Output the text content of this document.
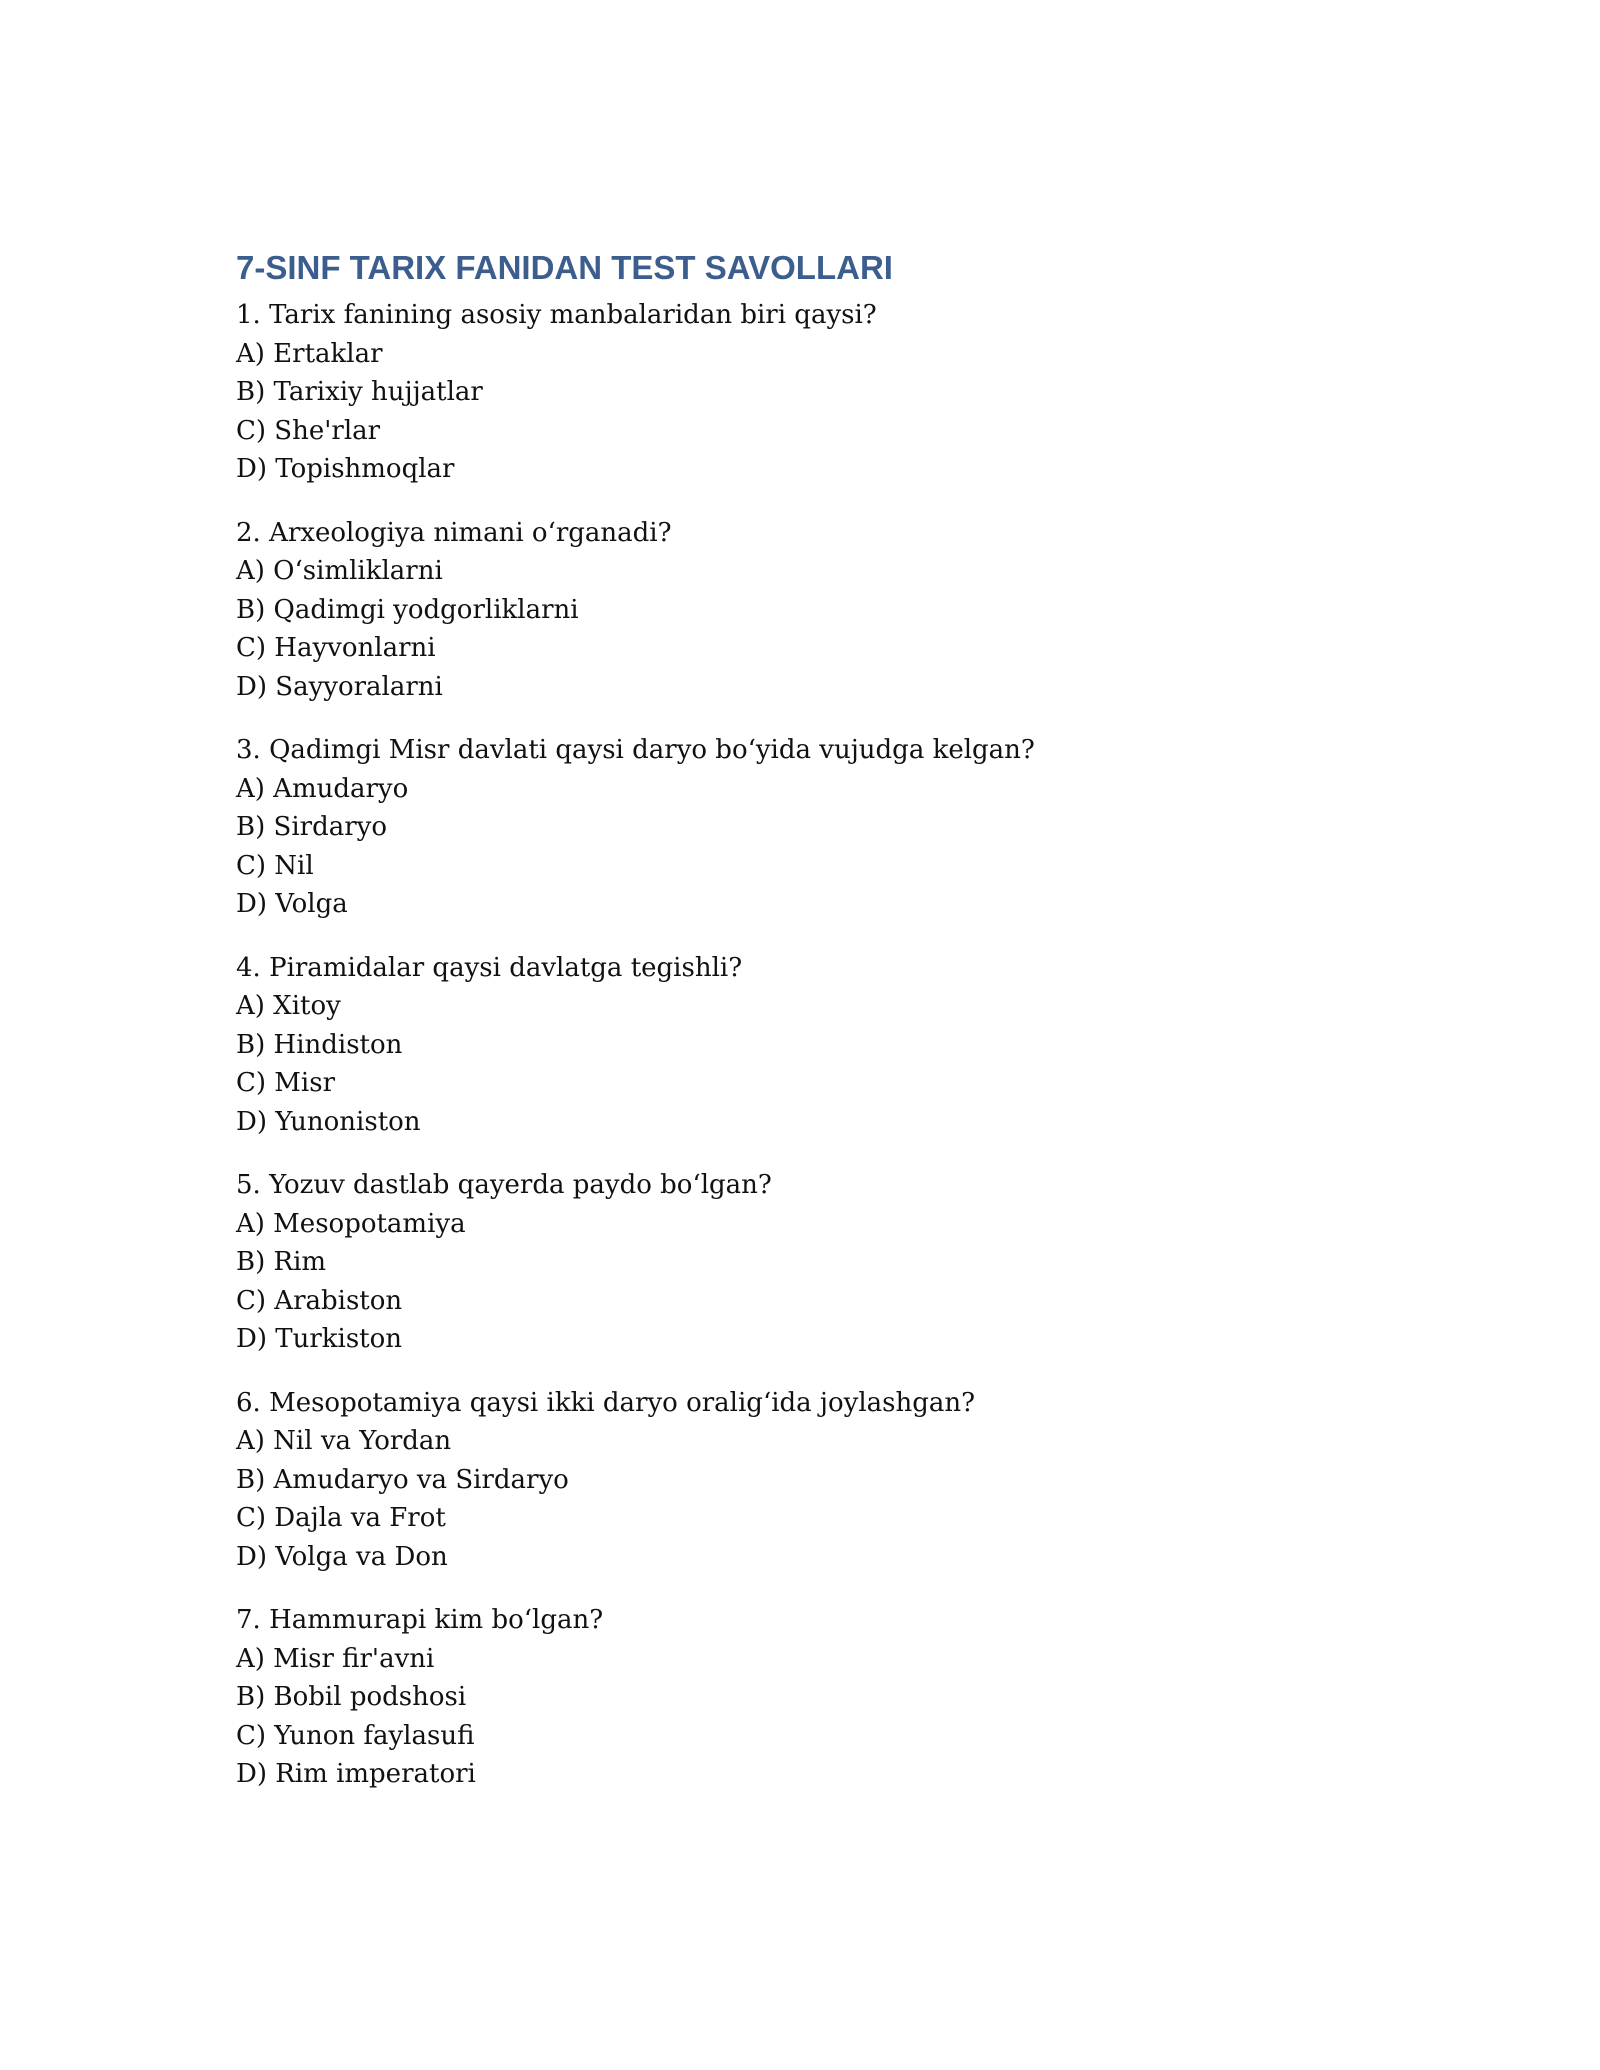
7-SINF TARIX FANIDAN TEST SAVOLLARI

1. Tarix fanining asosiy manbalaridan biri qaysi?

A) Ertaklar

B) Tarixiy hujjatlar

C) She'rlar

D) Topishmoqlar

2. Arxeologiya nimani o‘rganadi?

A) O‘simliklarni

B) Qadimgi yodgorliklarni

C) Hayvonlarni

D) Sayyoralarni

3. Qadimgi Misr davlati qaysi daryo bo‘yida vujudga kelgan?

A) Amudaryo

B) Sirdaryo

C) Nil

D) Volga

4. Piramidalar qaysi davlatga tegishli?

A) Xitoy

B) Hindiston

C) Misr

D) Yunoniston

5. Yozuv dastlab qayerda paydo bo‘lgan?

A) Mesopotamiya

B) Rim

C) Arabiston

D) Turkiston

6. Mesopotamiya qaysi ikki daryo oralig‘ida joylashgan?

A) Nil va Yordan

B) Amudaryo va Sirdaryo

C) Dajla va Frot

D) Volga va Don

7. Hammurapi kim bo‘lgan?

A) Misr fir'avni

B) Bobil podshosi

C) Yunon faylasufi

D) Rim imperatori
